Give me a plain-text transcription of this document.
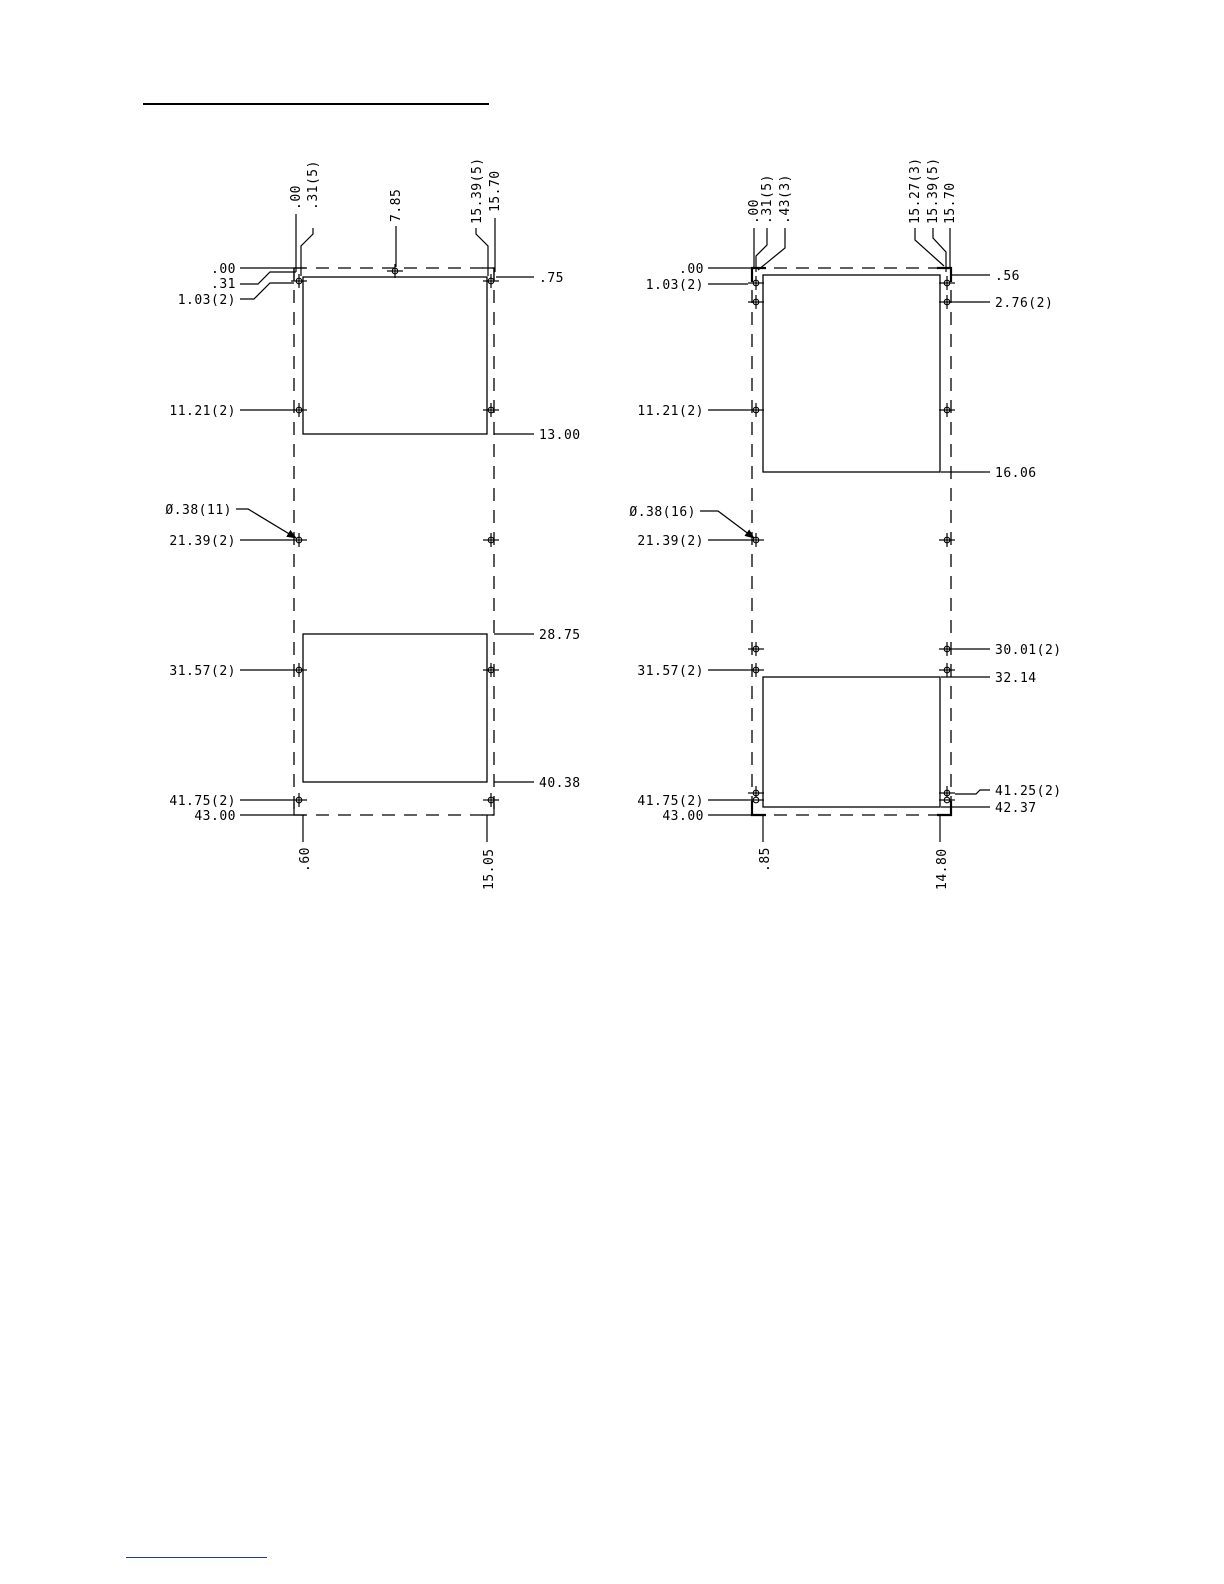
.00 .31(5)	7.85	15.39(5) 15.70
.00
.31
1.03(2)
11.21(2)
Ø.38(11)
21.39(2)
31.57(2)
41.75(2)
43.00
.75
13.00
28.75
40.38
.60	15.05
.00
.31(5) .43(3)	15.27(3) 15.39(5) 15.70
.00
1.03(2)
11.21(2)
Ø.38(16)
21.39(2)
31.57(2)
41.75(2)
43.00
.56
2.76(2)
16.06
30.01(2)
32.14
41.25(2)
42.37
.85	14.80
